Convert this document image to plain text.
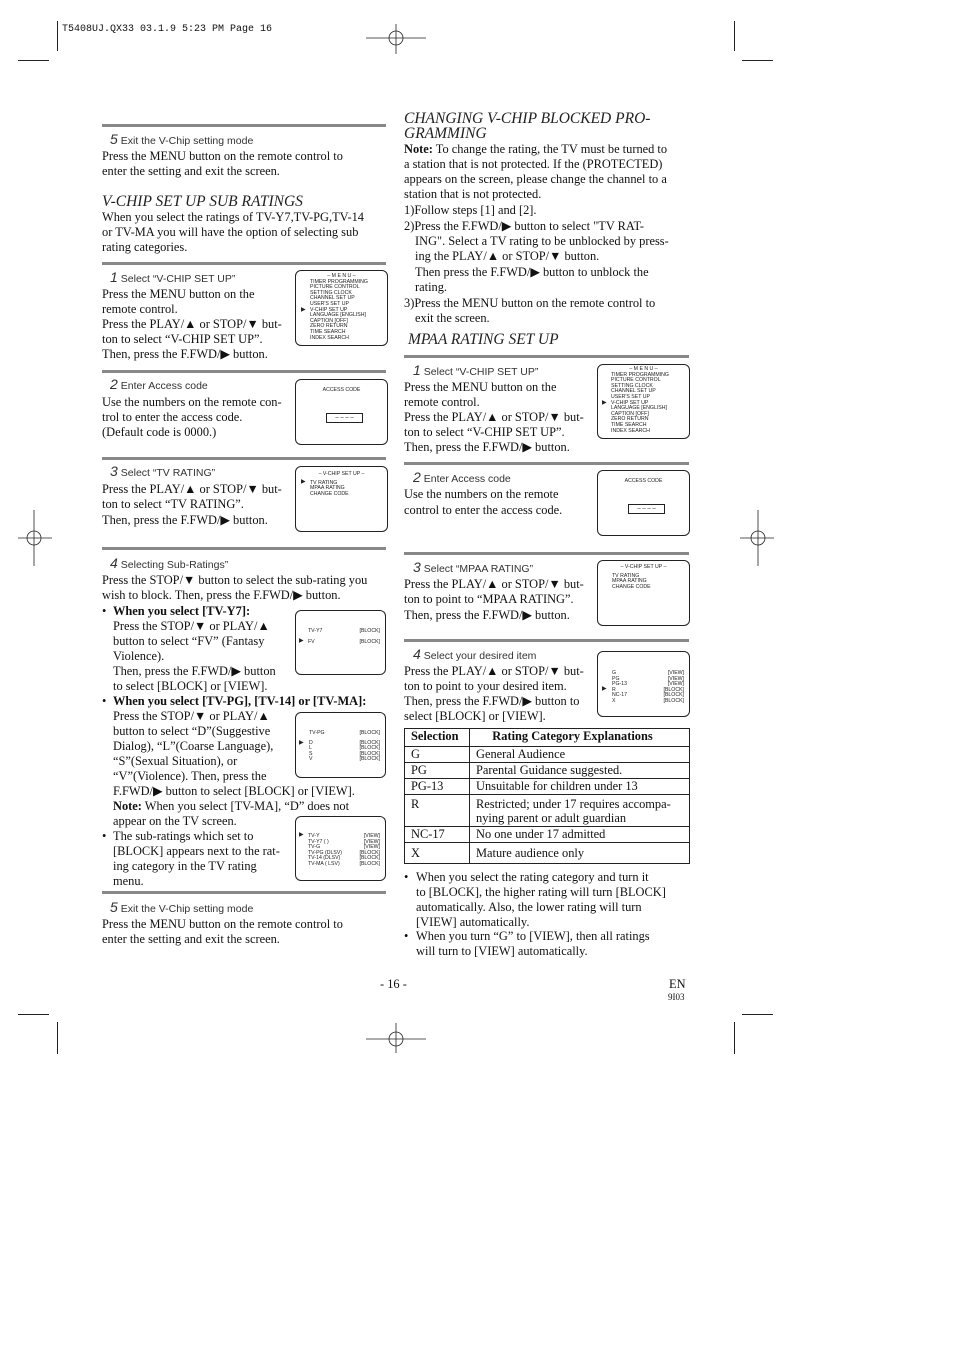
T5408UJ.QX33 03.1.9 5:23 PM Page 16
5 Exit the V-Chip setting mode

Press the MENU button on the remote control to

enter the setting and exit the screen.

V-CHIP SET UP SUB RATINGS

When you select the ratings of TV-Y7,TV-PG,TV-14

or TV-MA you will have the option of selecting sub

rating categories.

1 Select “V-CHIP SET UP”

Press the MENU button on the

remote control.

Press the PLAY/▲ or STOP/▼ but-

ton to select “V-CHIP SET UP”.

Then, press the F.FWD/▶ button.

– M E N U –
TIMER PROGRAMMING
PICTURE CONTROL
SETTING CLOCK
CHANNEL SET UP
USER'S SET UP
V-CHIP SET UP
LANGUAGE [ENGLISH]
CAPTION [OFF]
ZERO RETURN
TIME SEARCH
INDEX SEARCH
▶
2 Enter Access code

Use the numbers on the remote con-

trol to enter the access code.

(Default code is 0000.)

ACCESS CODE
– – – –
3 Select “TV RATING”

Press the PLAY/▲ or STOP/▼ but-

ton to select “TV RATING”.

Then, press the F.FWD/▶ button.

– V-CHIP SET UP –
TV RATING
MPAA RATING
CHANGE CODE
▶
4 Selecting Sub-Ratings”

Press the STOP/▼ button to select the sub-rating you

wish to block. Then, press the F.FWD/▶ button.

• When you select [TV-Y7]:

Press the STOP/▼ or PLAY/▲

button to select “FV” (Fantasy

Violence).

Then, press the F.FWD/▶ button

to select [BLOCK] or [VIEW].

TV-Y7	[BLOCK]
FV	[BLOCK]
▶
• When you select [TV-PG], [TV-14] or [TV-MA]:

Press the STOP/▼ or PLAY/▲

button to select “D”(Suggestive

Dialog), “L”(Coarse Language),

“S”(Sexual Situation), or

“V”(Violence). Then, press the

F.FWD/▶ button to select [BLOCK] or [VIEW].

Note: When you select [TV-MA], “D” does not

appear on the TV screen.

TV-PG	[BLOCK]
D	[BLOCK]
L	[BLOCK]
S	[BLOCK]
V	[BLOCK]
▶
• The sub-ratings which set to

[BLOCK] appears next to the rat-

ing category in the TV rating

menu.

TV-Y	[VIEW]
TV-Y7 ( )	[VIEW]
TV-G	[VIEW]
TV-PG (DLSV)	[BLOCK]
TV-14 (DLSV)	[BLOCK]
TV-MA ( LSV)	[BLOCK]
▶
5 Exit the V-Chip setting mode

Press the MENU button on the remote control to

enter the setting and exit the screen.

CHANGING V-CHIP BLOCKED PRO-
GRAMMING

Note: To change the rating, the TV must be turned to

a station that is not protected. If the (PROTECTED)

appears on the screen, please change the channel to a

station that is not protected.

1)Follow steps [1] and [2].

2)Press the F.FWD/▶ button to select "TV RAT-

ING". Select a TV rating to be unblocked by press-

ing the PLAY/▲ or STOP/▼ button.

Then press the F.FWD/▶ button to unblock the

rating.

3)Press the MENU button on the remote control to

exit the screen.

MPAA RATING SET UP
1 Select “V-CHIP SET UP”

Press the MENU button on the

remote control.

Press the PLAY/▲ or STOP/▼ but-

ton to select “V-CHIP SET UP”.

Then, press the F.FWD/▶ button.

– M E N U –
TIMER PROGRAMMING
PICTURE CONTROL
SETTING CLOCK
CHANNEL SET UP
USER'S SET UP
V-CHIP SET UP
LANGUAGE [ENGLISH]
CAPTION [OFF]
ZERO RETURN
TIME SEARCH
INDEX SEARCH
▶
2 Enter Access code

Use the numbers on the remote

control to enter the access code.

ACCESS CODE
– – – –
3 Select “MPAA RATING”

Press the PLAY/▲ or STOP/▼ but-

ton to point to “MPAA RATING”.

Then, press the F.FWD/▶ button.

– V-CHIP SET UP –
TV RATING
MPAA RATING
CHANGE CODE
4 Select your desired item

Press the PLAY/▲ or STOP/▼ but-

ton to point to your desired item.

Then, press the F.FWD/▶ button to

select [BLOCK] or [VIEW].

G	[VIEW]
PG	[VIEW]
PG-13	[VIEW]
R	[BLOCK]
NC-17	[BLOCK]
X	[BLOCK]
▶
Selection	Rating Category Explanations
G	General Audience
PG	Parental Guidance suggested.
PG-13	Unsuitable for children under 13
R	Restricted; under 17 requires accompa-
nying parent or adult guardian
NC-17	No one under 17 admitted
X	Mature audience only
• When you select the rating category and turn it

to [BLOCK], the higher rating will turn [BLOCK]

automatically. Also, the lower rating will turn

[VIEW] automatically.

• When you turn “G” to [VIEW], then all ratings

will turn to [VIEW] automatically.

- 16 -	EN
9I03
